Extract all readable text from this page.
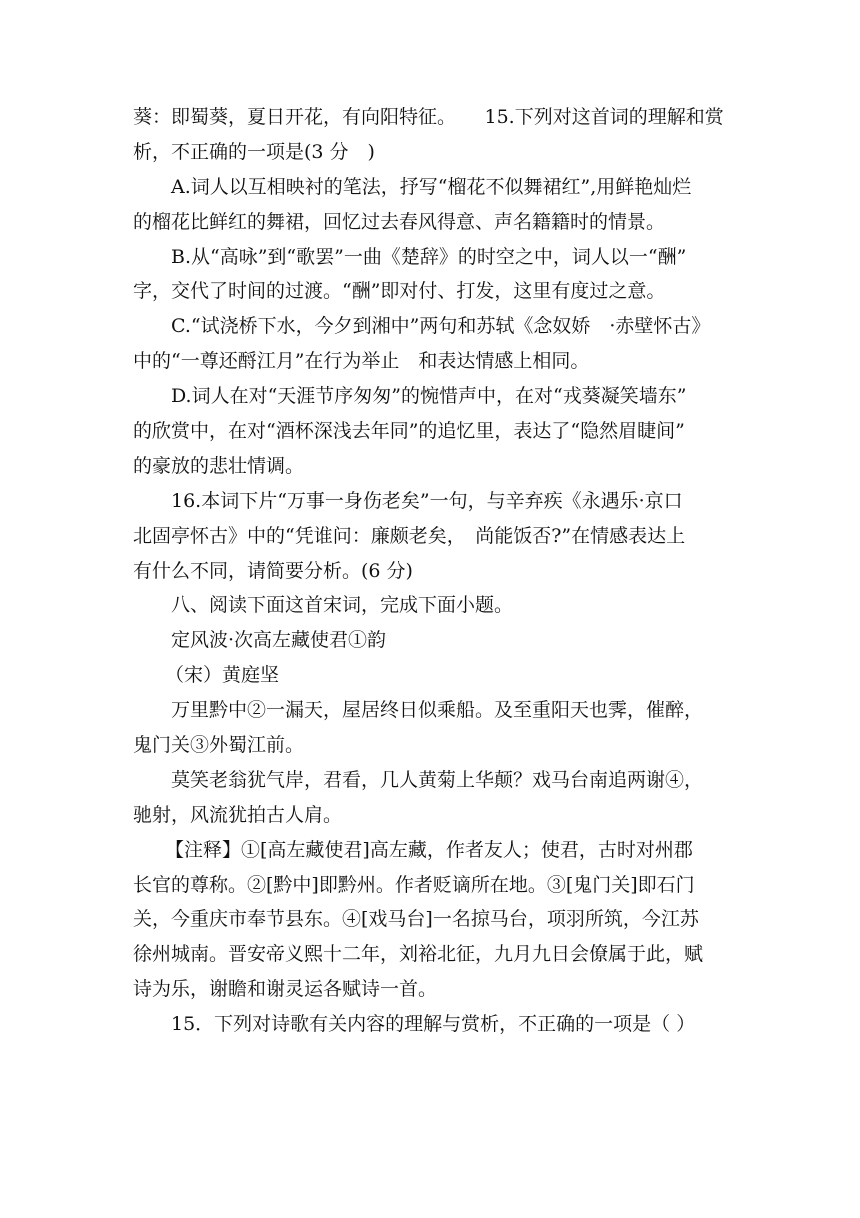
葵：即蜀葵，夏日开花，有向阳特征。　　15.下列对这首词的理解和赏
析，不正确的一项是(3 分　)
A.词人以互相映衬的笔法，抒写“榴花不似舞裙红”,用鲜艳灿烂
的榴花比鲜红的舞裙，回忆过去春风得意、声名籍籍时的情景。
B.从“高咏”到“歌罢”一曲《楚辞》的时空之中，词人以一“酬”
字，交代了时间的过渡。“酬”即对付、打发，这里有度过之意。
C.“试浇桥下水，今夕到湘中”两句和苏轼《念奴娇　·赤壁怀古》
中的“一尊还酹江月”在行为举止　和表达情感上相同。
D.词人在对“天涯节序匆匆”的惋惜声中，在对“戎葵凝笑墙东”
的欣赏中，在对“酒杯深浅去年同”的追忆里，表达了“隐然眉睫间”
的豪放的悲壮情调。
16.本词下片“万事一身伤老矣”一句，与辛弃疾《永遇乐·京口
北固亭怀古》中的“凭谁问：廉颇老矣，　尚能饭否?”在情感表达上
有什么不同，请简要分析。(6 分)
八、阅读下面这首宋词，完成下面小题。
定风波·次高左藏使君①韵
（宋）黄庭坚
万里黔中②一漏天，屋居终日似乘船。及至重阳天也霁，催醉，
鬼门关③外蜀江前。
莫笑老翁犹气岸，君看，几人黄菊上华颠？戏马台南追两谢④，
驰射，风流犹拍古人肩。
【注释】①[高左藏使君]高左藏，作者友人；使君，古时对州郡
长官的尊称。②[黔中]即黔州。作者贬谪所在地。③[鬼门关]即石门
关，今重庆市奉节县东。④[戏马台]一名掠马台，项羽所筑，今江苏
徐州城南。晋安帝义熙十二年，刘裕北征，九月九日会僚属于此，赋
诗为乐，谢瞻和谢灵运各赋诗一首。
15．下列对诗歌有关内容的理解与赏析，不正确的一项是（ ）
